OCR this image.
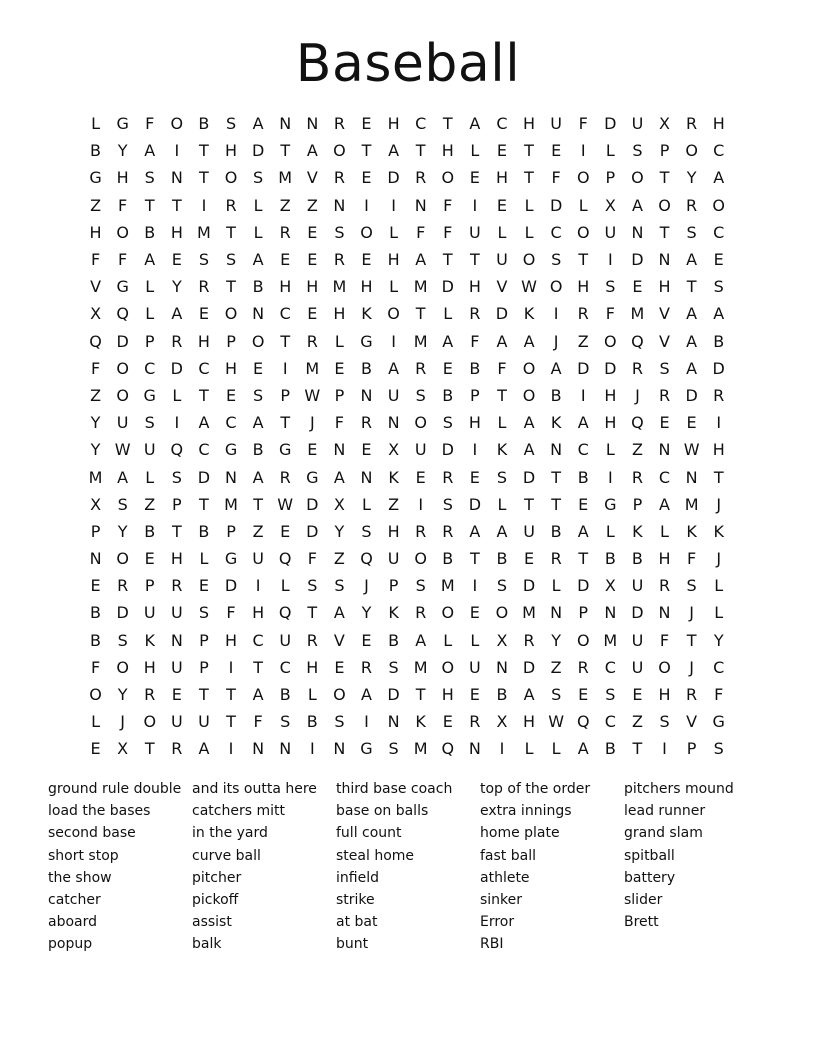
Baseball
L	G	F	O B	S	A N N R	E	H C	T	A	C H U	F	D U X	R H
B	Y	A	I	T	H D	T	A O T	A	T	H	L	E	T	E	I	L	S	P O C
G H	S	N	T O S M V	R	E D R O E	H	T	F	O P O T	Y	A
Z	F	T	T	I	R	L	Z	Z N	I	I	N	F	I	E	L	D	L	X	A O R O
H O B H M T	L	R	E	S O	L	F	F	U	L	L	C O U N	T	S	C
F	F	A	E	S	S	A	E	E	R	E	H A	T	T	U O S	T	I	D N A	E
V G	L	Y	R	T	B H H M H	L M D H V W O H	S	E	H	T	S
X Q	L	A	E O N C	E	H K O T	L	R D K	I	R	F M V	A	A
Q D	P	R H	P O T	R	L	G	I	M A	F	A	A	J	Z O Q V	A	B
F	O C D C H	E	I	M E	B	A	R	E	B	F	O A D D R	S	A D
Z O G	L	T	E	S	P W P	N U	S	B	P	T O B	I	H	J	R D R
Y	U	S	I	A	C	A	T	J	F	R N O S	H	L	A	K	A H Q E	E	I
Y W U Q C G B G E	N	E	X U D	I	K	A N C	L	Z N W H
M A	L	S D N A	R G A N K	E	R	E	S D	T	B	I	R C N	T
X	S	Z	P	T M T W D X	L	Z	I	S D	L	T	T	E G	P	A M	J
P	Y	B	T	B	P	Z	E D	Y	S	H R R	A	A U B	A	L	K	L	K	K
N O E	H	L	G U Q	F	Z Q U O B	T	B	E	R	T	B	B H	F	J
E	R	P	R	E D	I	L	S	S	J	P	S M	I	S D	L	D X U R	S	L
B D U U	S	F	H Q T	A	Y	K	R O E O M N	P	N D N	J	L
B	S	K N	P	H C U R	V	E	B	A	L	L	X	R	Y O M U	F	T	Y
F	O H U	P	I	T	C H	E	R	S M O U N D Z	R C U O	J	C
O Y	R	E	T	T	A	B	L	O A D	T	H	E	B	A	S	E	S	E	H R	F
L	J	O U U	T	F	S	B	S	I	N K	E	R	X H W Q C	Z	S	V G
E	X	T	R	A	I	N N	I	N G S M Q N	I	L	L	A	B	T	I	P	S
ground rule double
load the bases
second base
short stop
the show
catcher
aboard
popup
and its outta here
catchers mitt
in the yard
curve ball
pitcher
pickoff
assist
balk
third base coach
base on balls
full count
steal home
infield
strike
at bat
bunt
top of the order
extra innings
home plate
fast ball
athlete
sinker
Error
RBI
pitchers mound
lead runner
grand slam
spitball
battery
slider
Brett
